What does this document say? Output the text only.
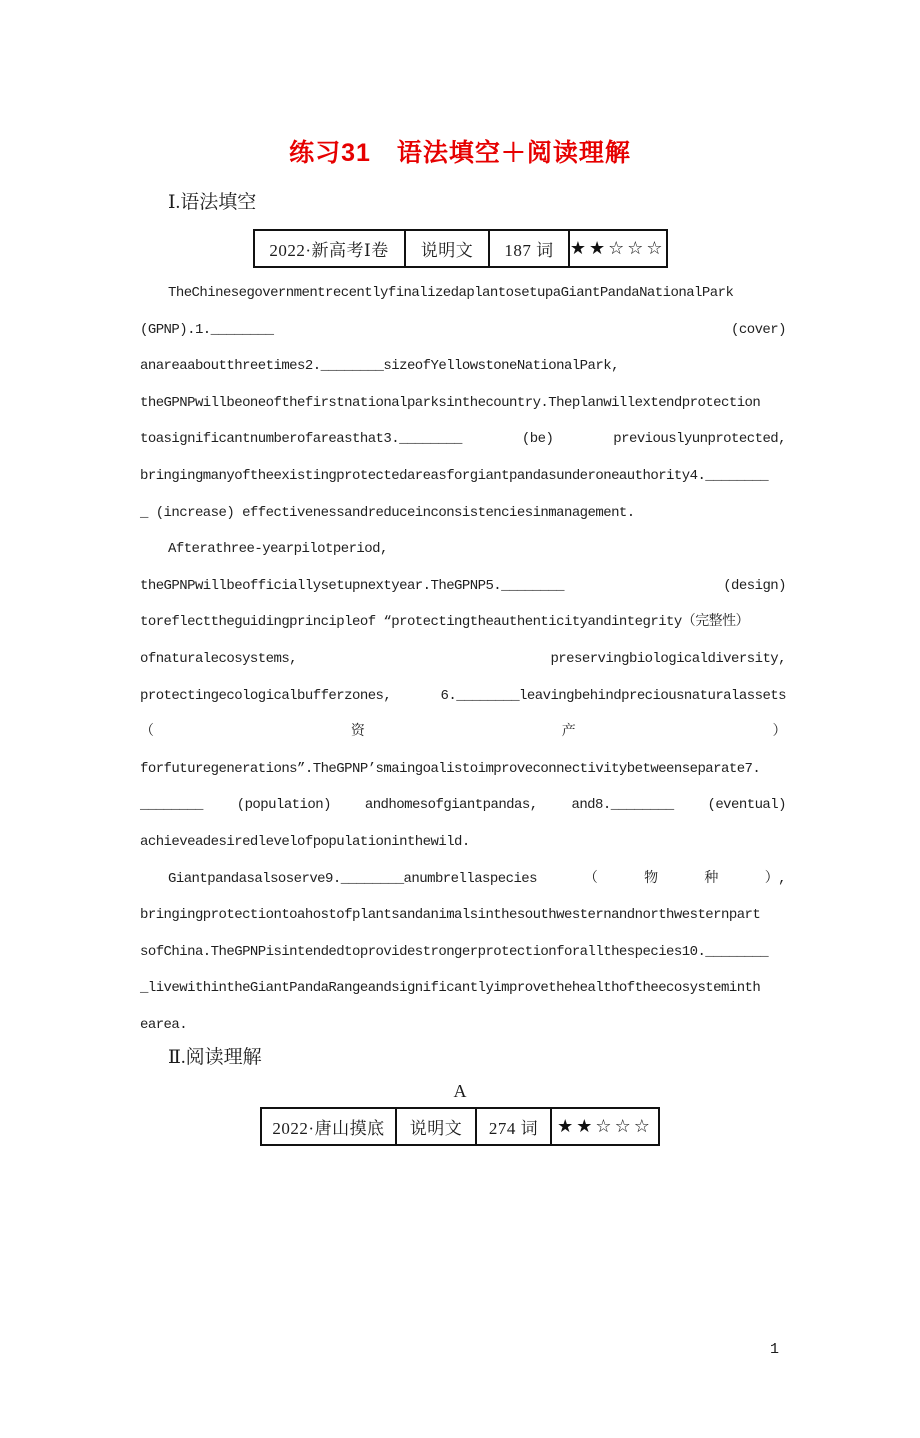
练习31　语法填空＋阅读理解
Ⅰ.语法填空
2022·新高考Ⅰ卷	说明文	187 词 ★★☆☆☆
TheChinesegovernmentrecentlyfinalizedaplantosetupaGiantPandaNationalPark
(GPNP).1.________	(cover)
anareaaboutthreetimes2.________sizeofYellowstoneNationalPark,
theGPNPwillbeoneofthefirstnationalparksinthecountry.Theplanwillextendprotection
toasignificantnumberofareasthat3.________	(be)	previouslyunprotected,
bringingmanyoftheexistingprotectedareasforgiantpandasunderoneauthority4.________
_ (increase) effectivenessandreduceinconsistenciesinmanagement.
Afterathree-yearpilotperiod,
theGPNPwillbeofficiallysetupnextyear.TheGPNP5.________	(design)
toreflecttheguidingprincipleof “protectingtheauthenticityandintegrity（完整性）
ofnaturalecosystems,	preservingbiologicaldiversity,
protectingecologicalbufferzones,	6.________leavingbehindpreciousnaturalassets
（	资	产	）
forfuturegenerations”.TheGPNP’smaingoalistoimproveconnectivitybetweenseparate7.
________ (population) andhomesofgiantpandas, and8.________ (eventual)
achieveadesiredlevelofpopulationinthewild.
Giantpandasalsoserve9.________anumbrellaspecies	（	物	种	）,
bringingprotectiontoahostofplantsandanimalsinthesouthwesternandnorthwesternpart
sofChina.TheGPNPisintendedtoprovidestrongerprotectionforallthespecies10.________
_livewithintheGiantPandaRangeandsignificantlyimprovethehealthoftheecosysteminth
earea.
Ⅱ.阅读理解
A
2022·唐山摸底	说明文	274 词	★★☆☆☆
1
